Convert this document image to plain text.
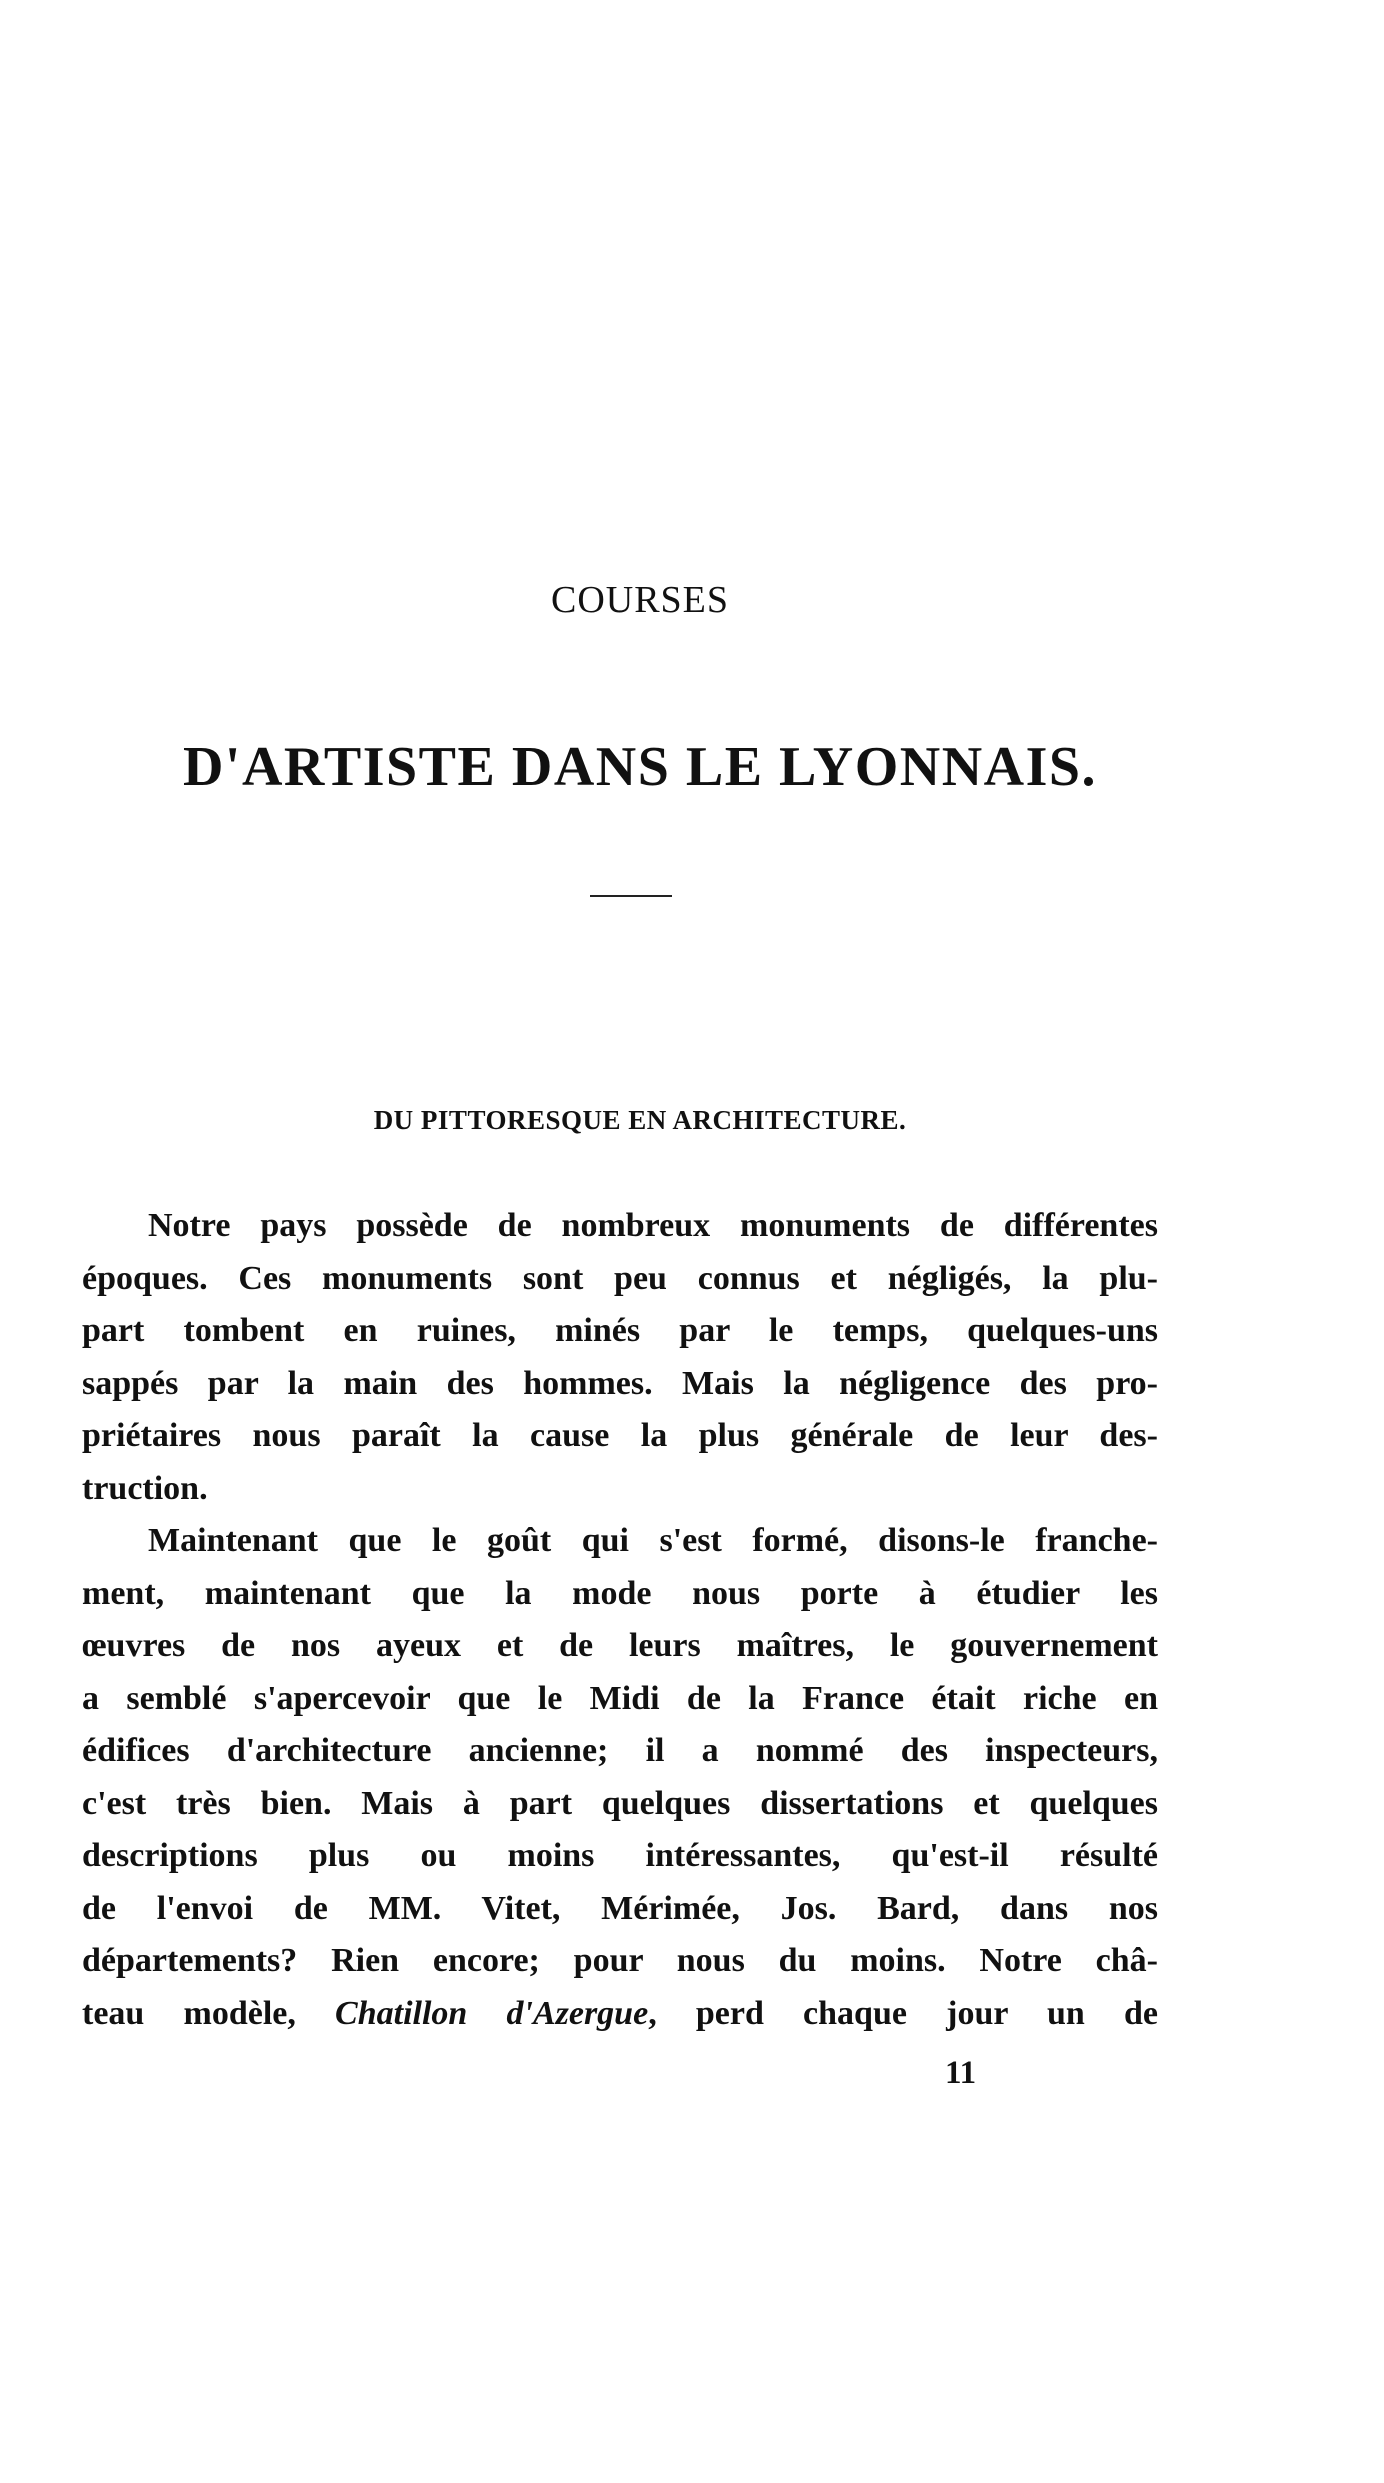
COURSES
D'ARTISTE DANS LE LYONNAIS.
DU PITTORESQUE EN ARCHITECTURE.
Notre pays possède de nombreux monuments de différentes
époques. Ces monuments sont peu connus et négligés, la plu-
part tombent en ruines, minés par le temps, quelques-uns
sappés par la main des hommes. Mais la négligence des pro-
priétaires nous paraît la cause la plus générale de leur des-
truction.
Maintenant que le goût qui s'est formé, disons-le franche-
ment, maintenant que la mode nous porte à étudier les
œuvres de nos ayeux et de leurs maîtres, le gouvernement
a semblé s'apercevoir que le Midi de la France était riche en
édifices d'architecture ancienne; il a nommé des inspecteurs,
c'est très bien. Mais à part quelques dissertations et quelques
descriptions plus ou moins intéressantes, qu'est-il résulté
de l'envoi de MM. Vitet, Mérimée, Jos. Bard, dans nos
départements? Rien encore; pour nous du moins. Notre châ-
teau modèle, Chatillon d'Azergue, perd chaque jour un de
11
